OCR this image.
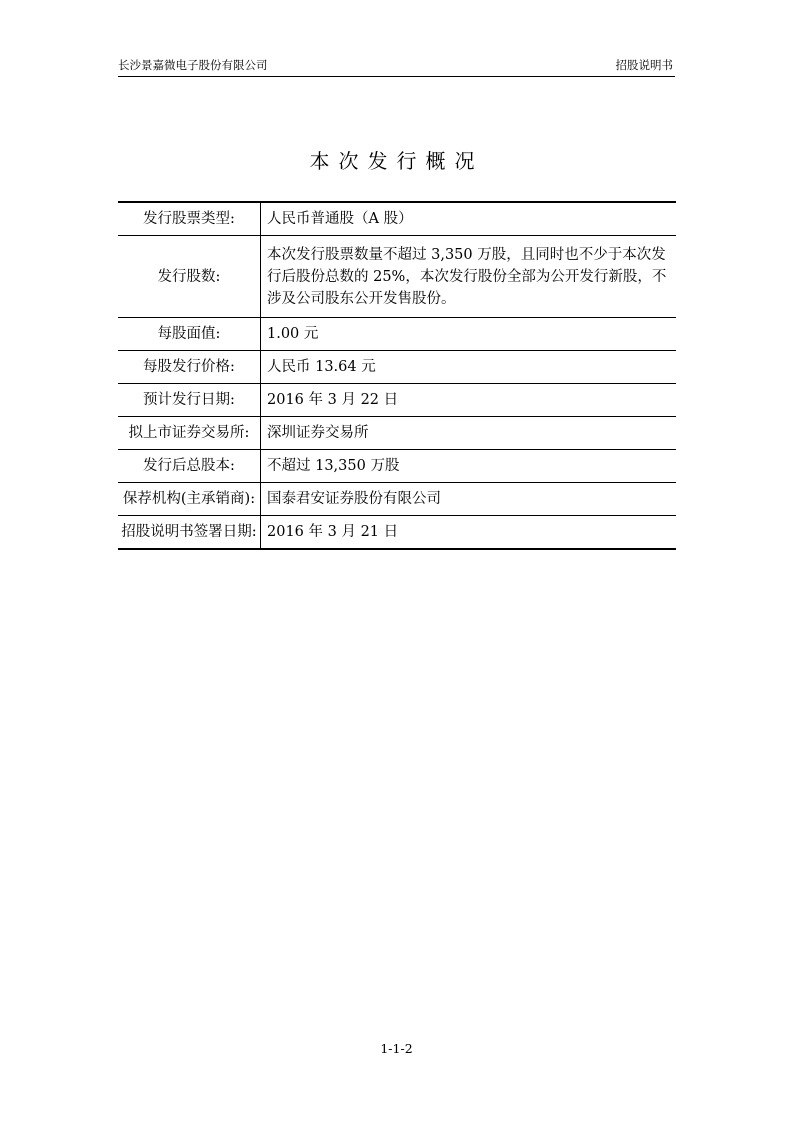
长沙景嘉微电子股份有限公司	招股说明书
本次发行概况
发行股票类型:	人民币普通股（A 股）
发行股数:	本次发行股票数量不超过 3,350 万股，且同时也不少于本次发行后股份总数的 25%，本次发行股份全部为公开发行新股，不涉及公司股东公开发售股份。
每股面值:	1.00 元
每股发行价格:	人民币 13.64 元
预计发行日期:	2016 年 3 月 22 日
拟上市证券交易所:	深圳证券交易所
发行后总股本:	不超过 13,350 万股
保荐机构(主承销商):	国泰君安证券股份有限公司
招股说明书签署日期:	2016 年 3 月 21 日
1-1-2
